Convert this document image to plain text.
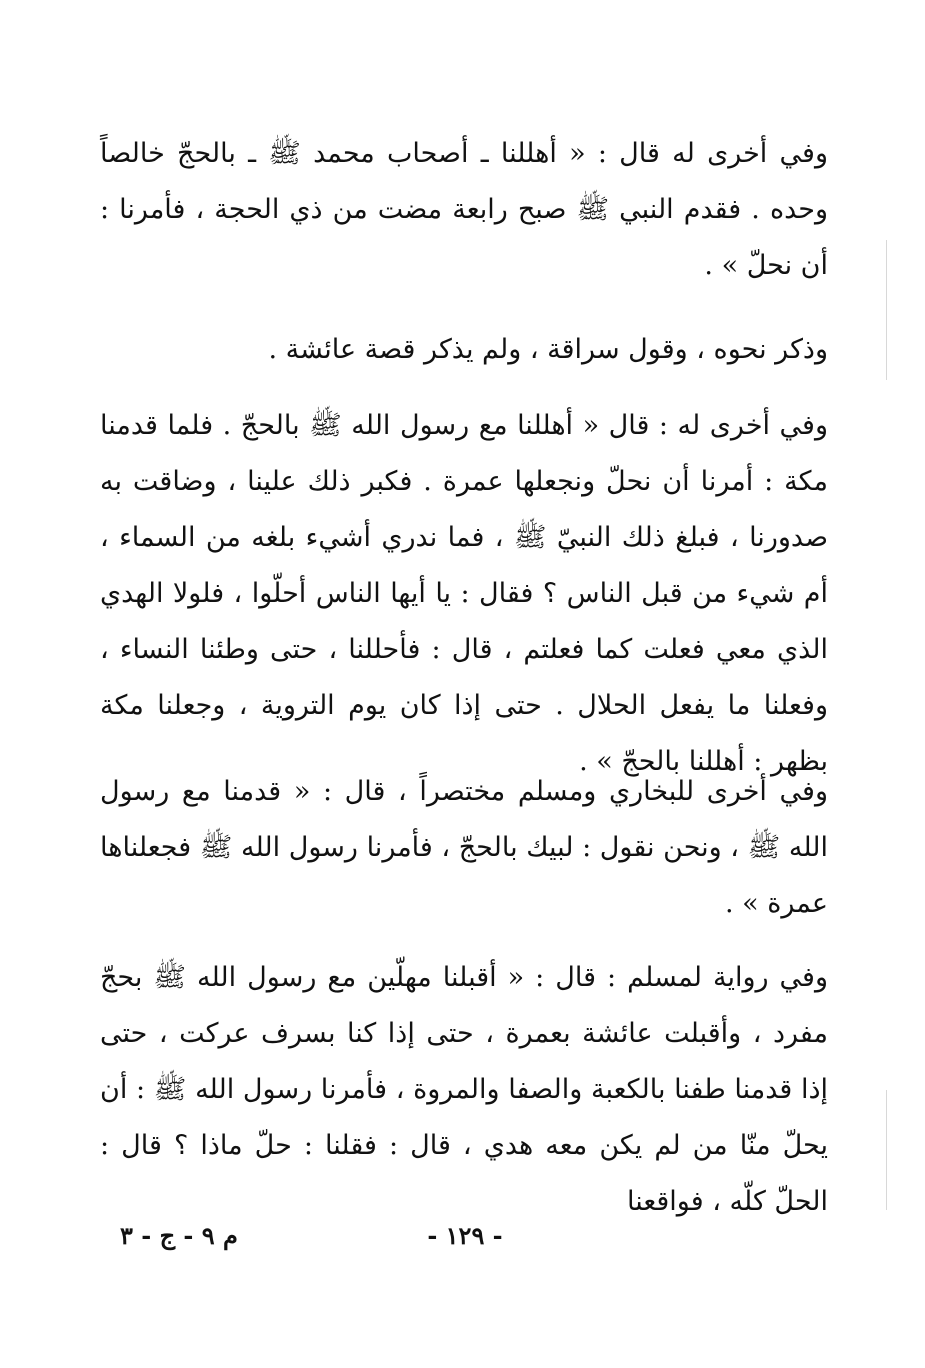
وفي أخرى له قال : « أهللنا ـ أصحاب محمد ﷺ ـ بالحجّ خالصاً وحده . فقدم النبي ﷺ صبح رابعة مضت من ذي الحجة ، فأمرنا : أن نحلّ » .

وذكر نحوه ، وقول سراقة ، ولم يذكر قصة عائشة .

وفي أخرى له : قال « أهللنا مع رسول الله ﷺ بالحجّ . فلما قدمنا مكة : أمرنا أن نحلّ ونجعلها عمرة . فكبر ذلك علينا ، وضاقت به صدورنا ، فبلغ ذلك النبيّ ﷺ ، فما ندري أشيء بلغه من السماء ، أم شيء من قبل الناس ؟ فقال : يا أيها الناس أحلّوا ، فلولا الهدي الذي معي فعلت كما فعلتم ، قال : فأحللنا ، حتى وطئنا النساء ، وفعلنا ما يفعل الحلال . حتى إذا كان يوم التروية ، وجعلنا مكة بظهر : أهللنا بالحجّ » .

وفي أخرى للبخاري ومسلم مختصراً ، قال : « قدمنا مع رسول الله ﷺ ، ونحن نقول : لبيك بالحجّ ، فأمرنا رسول الله ﷺ فجعلناها عمرة » .

وفي رواية لمسلم : قال : « أقبلنا مهلّين مع رسول الله ﷺ بحجّ مفرد ، وأقبلت عائشة بعمرة ، حتى إذا كنا بسرف عركت ، حتى إذا قدمنا طفنا بالكعبة والصفا والمروة ، فأمرنا رسول الله ﷺ : أن يحلّ منّا من لم يكن معه هدي ، قال : فقلنا : حلّ ماذا ؟ قال : الحلّ كلّه ، فواقعنا

- ١٢٩ -
م ٩ - ج - ٣
